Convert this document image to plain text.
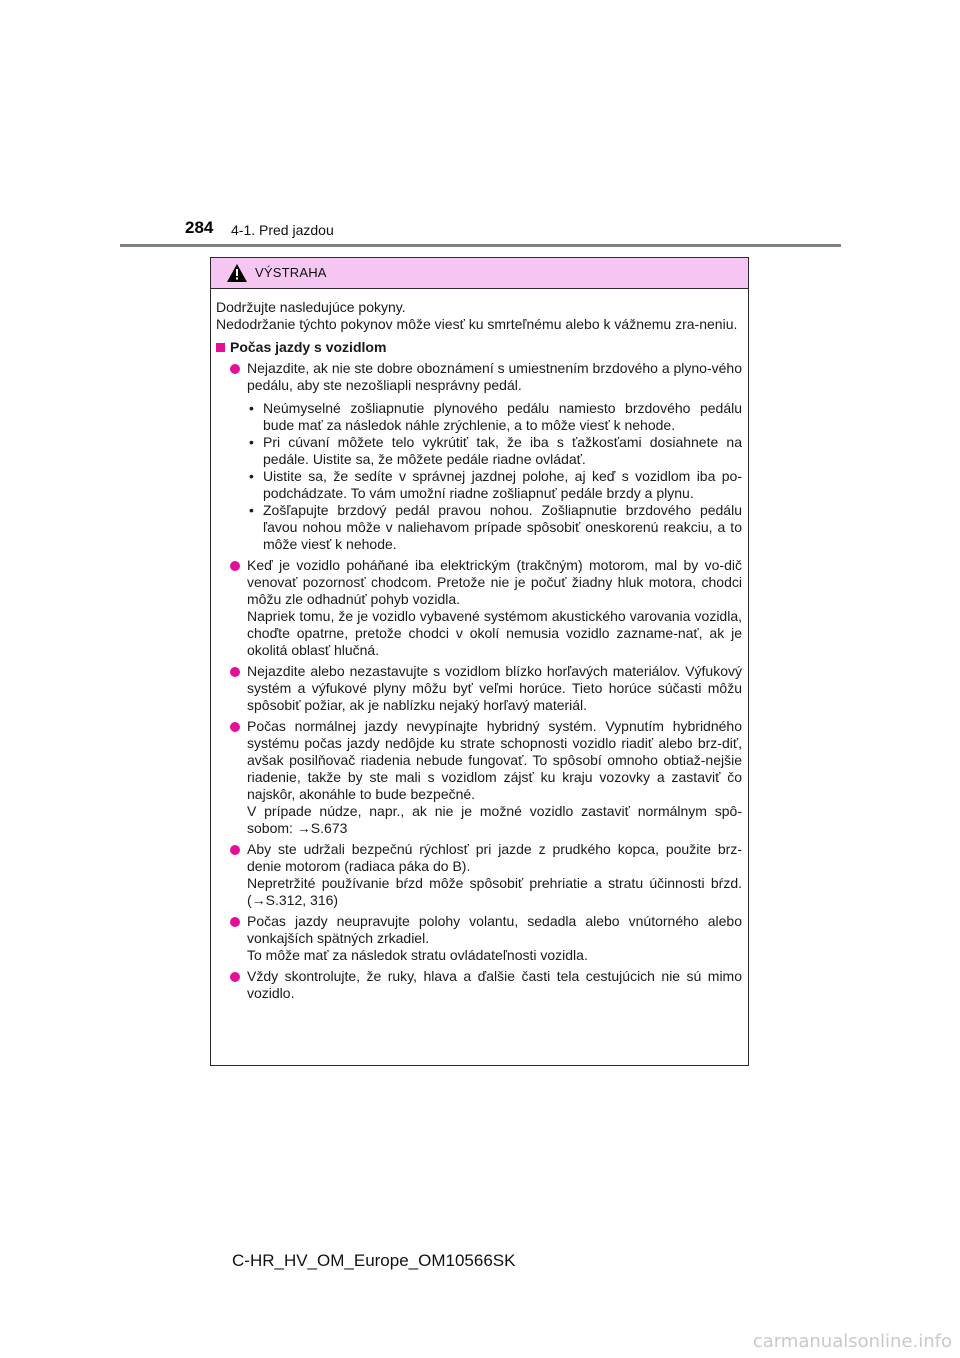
284 4-1. Pred jazdou
VÝSTRAHA

Dodržujte nasledujúce pokyny.

Nedodržanie týchto pokynov môže viesť ku smrteľnému alebo k vážnemu zra-neniu.

Počas jazdy s vozidlom

Nejazdite, ak nie ste dobre oboznámení s umiestnením brzdového a plyno-vého pedálu, aby ste nezošliapli nesprávny pedál.

• Neúmyselné zošliapnutie plynového pedálu namiesto brzdového pedálu bude mať za následok náhle zrýchlenie, a to môže viesť k nehode.
• Pri cúvaní môžete telo vykrútiť tak, že iba s ťažkosťami dosiahnete na pedále. Uistite sa, že môžete pedále riadne ovládať.
• Uistite sa, že sedíte v správnej jazdnej polohe, aj keď s vozidlom iba po-podchádzate. To vám umožní riadne zošliapnuť pedále brzdy a plynu.
• Zošľapujte brzdový pedál pravou nohou. Zošliapnutie brzdového pedálu ľavou nohou môže v naliehavom prípade spôsobiť oneskorenú reakciu, a to môže viesť k nehode.

Keď je vozidlo poháňané iba elektrickým (trakčným) motorom, mal by vo-dič venovať pozornosť chodcom. Pretože nie je počuť žiadny hluk motora, chodci môžu zle odhadnúť pohyb vozidla.

Napriek tomu, že je vozidlo vybavené systémom akustického varovania vozidla, choďte opatrne, pretože chodci v okolí nemusia vozidlo zazname-nať, ak je okolitá oblasť hlučná.

Nejazdite alebo nezastavujte s vozidlom blízko horľavých materiálov. Výfukový systém a výfukové plyny môžu byť veľmi horúce. Tieto horúce súčasti môžu spôsobiť požiar, ak je nablízku nejaký horľavý materiál.

Počas normálnej jazdy nevypínajte hybridný systém. Vypnutím hybridného systému počas jazdy nedôjde ku strate schopnosti vozidlo riadiť alebo brz-diť, avšak posilňovač riadenia nebude fungovať. To spôsobí omnoho obtiaž-nejšie riadenie, takže by ste mali s vozidlom zájsť ku kraju vozovky a zastaviť čo najskôr, akonáhle to bude bezpečné.

V prípade núdze, napr., ak nie je možné vozidlo zastaviť normálnym spô-sobom: →S.673

Aby ste udržali bezpečnú rýchlosť pri jazde z prudkého kopca, použite brz-denie motorom (radiaca páka do B).

Nepretržité používanie bŕzd môže spôsobiť prehriatie a stratu účinnosti bŕzd. (→S.312, 316)

Počas jazdy neupravujte polohy volantu, sedadla alebo vnútorného alebo vonkajších spätných zrkadiel.

To môže mať za následok stratu ovládateľnosti vozidla.

Vždy skontrolujte, že ruky, hlava a ďalšie časti tela cestujúcich nie sú mimo vozidlo.

C-HR_HV_OM_Europe_OM10566SK
carmanualsonline.info
